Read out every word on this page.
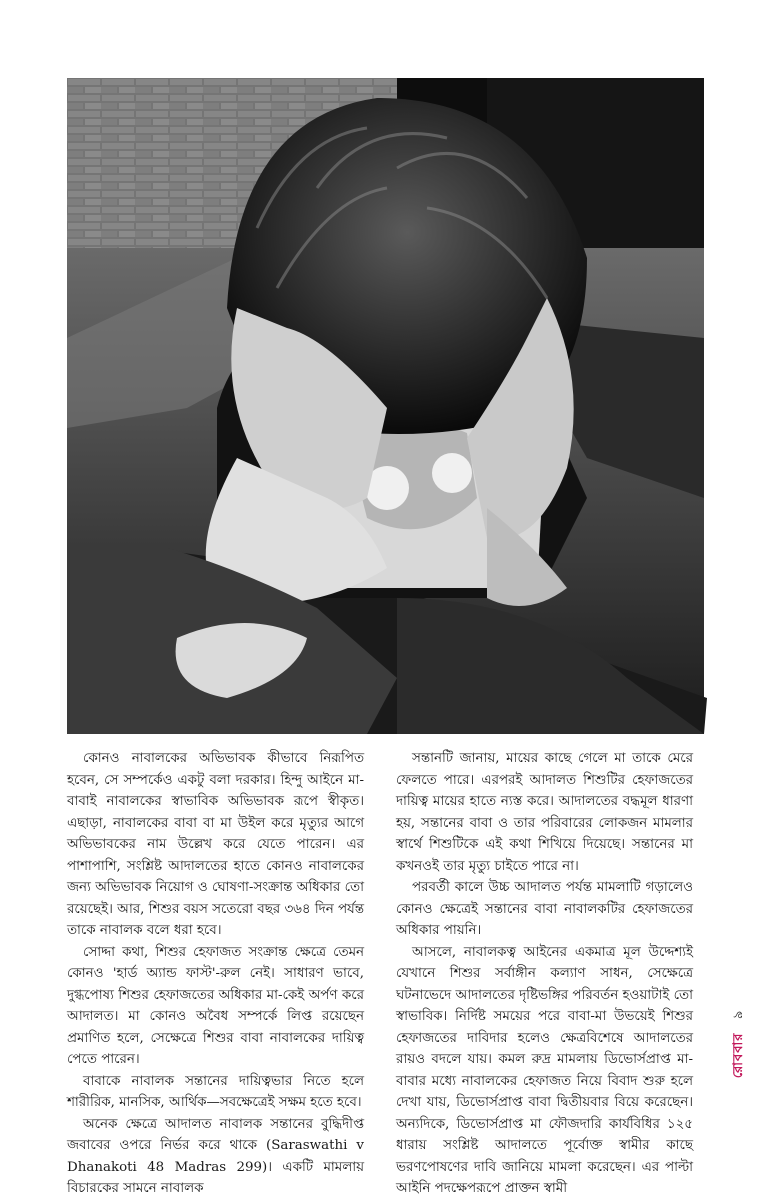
কোনও নাবালকের অভিভাবক কীভাবে নিরূপিত হবেন, সে সম্পর্কেও একটু বলা দরকার। হিন্দু আইনে মা-বাবাই নাবালকের স্বাভাবিক অভিভাবক রূপে স্বীকৃত। এছাড়া, নাবালকের বাবা বা মা উইল করে মৃত্যুর আগে অভিভাবকের নাম উল্লেখ করে যেতে পারেন। এর পাশাপাশি, সংশ্লিষ্ট আদালতের হাতে কোনও নাবালকের জন্য অভিভাবক নিয়োগ ও ঘোষণা-সংক্রান্ত অধিকার তো রয়েছেই। আর, শিশুর বয়স সতেরো বছর ৩৬৪ দিন পর্যন্ত তাকে নাবালক বলে ধরা হবে।

সোদ্দা কথা, শিশুর হেফাজত সংক্রান্ত ক্ষেত্রে তেমন কোনও 'হার্ড অ্যান্ড ফাস্ট'-রুল নেই। সাধারণ ভাবে, দুগ্ধপোষ্য শিশুর হেফাজতের অধিকার মা-কেই অর্পণ করে আদালত। মা কোনও অবৈধ সম্পর্কে লিপ্ত রয়েছেন প্রমাণিত হলে, সেক্ষেত্রে শিশুর বাবা নাবালকের দায়িত্ব পেতে পারেন।

বাবাকে নাবালক সন্তানের দায়িত্বভার নিতে হলে শারীরিক, মানসিক, আর্থিক—সবক্ষেত্রেই সক্ষম হতে হবে।

অনেক ক্ষেত্রে আদালত নাবালক সন্তানের বুদ্ধিদীপ্ত জবাবের ওপরে নির্ভর করে থাকে (Saraswathi v Dhanakoti 48 Madras 299)। একটি মামলায় বিচারকের সামনে নাবালক

সন্তানটি জানায়, মায়ের কাছে গেলে মা তাকে মেরে ফেলতে পারে। এরপরই আদালত শিশুটির হেফাজতের দায়িত্ব মায়ের হাতে ন্যস্ত করে। আদালতের বদ্ধমূল ধারণা হয়, সন্তানের বাবা ও তার পরিবারের লোকজন মামলার স্বার্থে শিশুটিকে এই কথা শিখিয়ে দিয়েছে। সন্তানের মা কখনওই তার মৃত্যু চাইতে পারে না।

পরবর্তী কালে উচ্চ আদালত পর্যন্ত মামলাটি গড়ালেও কোনও ক্ষেত্রেই সন্তানের বাবা নাবালকটির হেফাজতের অধিকার পায়নি।

আসলে, নাবালকত্ব আইনের একমাত্র মূল উদ্দেশ্যই যেখানে শিশুর সর্বাঙ্গীন কল্যাণ সাধন, সেক্ষেত্রে ঘটনাভেদে আদালতের দৃষ্টিভঙ্গির পরিবর্তন হওয়াটাই তো স্বাভাবিক। নির্দিষ্ট সময়ের পরে বাবা-মা উভয়েই শিশুর হেফাজতের দাবিদার হলেও ক্ষেত্রবিশেষে আদালতের রায়ও বদলে যায়। কমল রুদ্র মামলায় ডিভোর্সপ্রাপ্ত মা-বাবার মধ্যে নাবালকের হেফাজত নিয়ে বিবাদ শুরু হলে দেখা যায়, ডিভোর্সপ্রাপ্ত বাবা দ্বিতীয়বার বিয়ে করেছেন। অন্যদিকে, ডিভোর্সপ্রাপ্ত মা ফৌজদারি কার্যবিধির ১২৫ ধারায় সংশ্লিষ্ট আদালতে পূর্বোক্ত স্বামীর কাছে ভরণপোষণের দাবি জানিয়ে মামলা করেছেন। এর পাল্টা আইনি পদক্ষেপরূপে প্রাক্তন স্বামী

রোববার ৯
